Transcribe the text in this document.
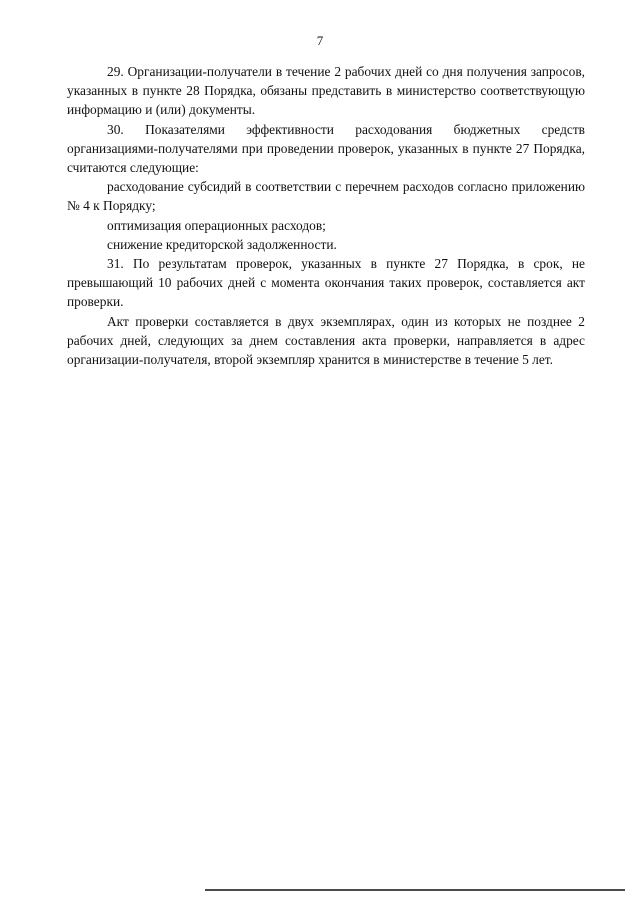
7

29. Организации-получатели в течение 2 рабочих дней со дня получения запросов, указанных в пункте 28 Порядка, обязаны представить в министерство соответствующую информацию и (или) документы.

30. Показателями эффективности расходования бюджетных средств организациями-получателями при проведении проверок, указанных в пункте 27 Порядка, считаются следующие:

расходование субсидий в соответствии с перечнем расходов согласно приложению № 4 к Порядку;

оптимизация операционных расходов;

снижение кредиторской задолженности.

31. По результатам проверок, указанных в пункте 27 Порядка, в срок, не превышающий 10 рабочих дней с момента окончания таких проверок, составляется акт проверки.

Акт проверки составляется в двух экземплярах, один из которых не позднее 2 рабочих дней, следующих за днем составления акта проверки, направляется в адрес организации-получателя, второй экземпляр хранится в министерстве в течение 5 лет.
